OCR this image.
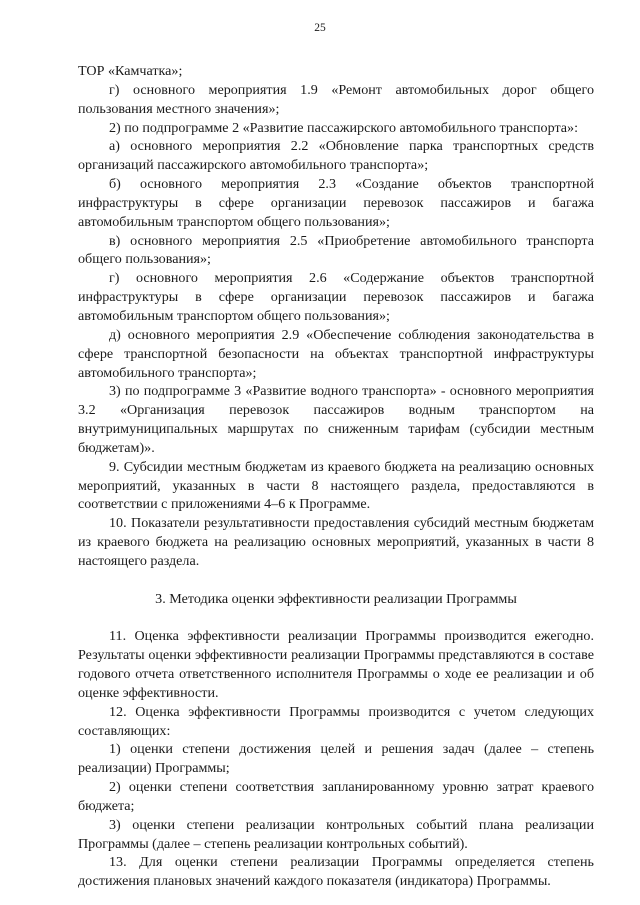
25

ТОР «Камчатка»;

г) основного мероприятия 1.9 «Ремонт автомобильных дорог общего пользования местного значения»;

2) по подпрограмме 2 «Развитие пассажирского автомобильного транспорта»:

а) основного мероприятия 2.2 «Обновление парка транспортных средств организаций пассажирского автомобильного транспорта»;

б) основного мероприятия 2.3 «Создание объектов транспортной инфраструктуры в сфере организации перевозок пассажиров и багажа автомобильным транспортом общего пользования»;

в) основного мероприятия 2.5 «Приобретение автомобильного транспорта общего пользования»;

г) основного мероприятия 2.6 «Содержание объектов транспортной инфраструктуры в сфере организации перевозок пассажиров и багажа автомобильным транспортом общего пользования»;

д) основного мероприятия 2.9 «Обеспечение соблюдения законодательства в сфере транспортной безопасности на объектах транспортной инфраструктуры автомобильного транспорта»;

3) по подпрограмме 3 «Развитие водного транспорта» - основного мероприятия 3.2 «Организация перевозок пассажиров водным транспортом на внутримуниципальных маршрутах по сниженным тарифам (субсидии местным бюджетам)».

9. Субсидии местным бюджетам из краевого бюджета на реализацию основных мероприятий, указанных в части 8 настоящего раздела, предоставляются в соответствии с приложениями 4–6 к Программе.

10. Показатели результативности предоставления субсидий местным бюджетам из краевого бюджета на реализацию основных мероприятий, указанных в части 8 настоящего раздела.

3. Методика оценки эффективности реализации Программы

11. Оценка эффективности реализации Программы производится ежегодно. Результаты оценки эффективности реализации Программы представляются в составе годового отчета ответственного исполнителя Программы о ходе ее реализации и об оценке эффективности.

12. Оценка эффективности Программы производится с учетом следующих составляющих:

1) оценки степени достижения целей и решения задач (далее – степень реализации) Программы;

2) оценки степени соответствия запланированному уровню затрат краевого бюджета;

3) оценки степени реализации контрольных событий плана реализации Программы (далее – степень реализации контрольных событий).

13. Для оценки степени реализации Программы определяется степень достижения плановых значений каждого показателя (индикатора) Программы.
